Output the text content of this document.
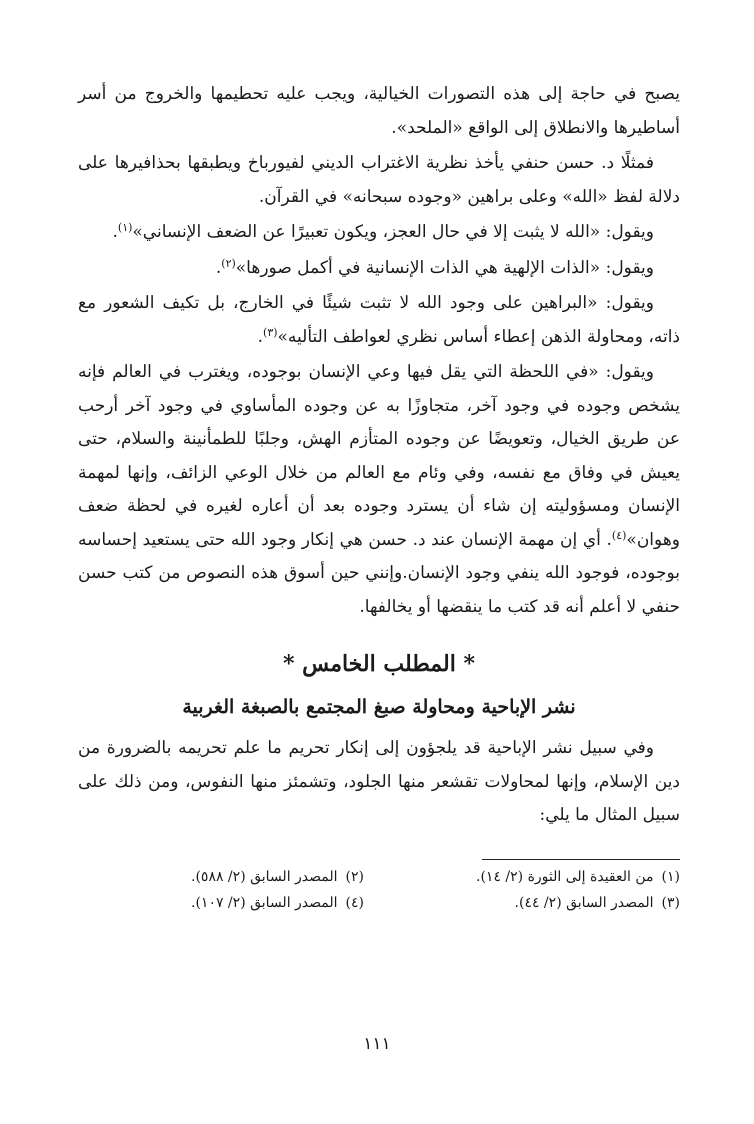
يصبح في حاجة إلى هذه التصورات الخيالية، ويجب عليه تحطيمها والخروج من أسر أساطيرها والانطلاق إلى الواقع «الملحد».

فمثلًا د. حسن حنفي يأخذ نظرية الاغتراب الديني لفيورباخ ويطبقها بحذافيرها على دلالة لفظ «الله» وعلى براهين «وجوده سبحانه» في القرآن.

ويقول: «الله لا يثبت إلا في حال العجز، ويكون تعبيرًا عن الضعف الإنساني»$^{(١)}$.

ويقول: «الذات الإلهية هي الذات الإنسانية في أكمل صورها»$^{(٢)}$.

ويقول: «البراهين على وجود الله لا تثبت شيئًا في الخارج، بل تكيف الشعور مع ذاته، ومحاولة الذهن إعطاء أساس نظري لعواطف التأليه»$^{(٣)}$.

ويقول: «في اللحظة التي يقل فيها وعي الإنسان بوجوده، ويغترب في العالم فإنه يشخص وجوده في وجود آخر، متجاوزًا به عن وجوده المأساوي في وجود آخر أرحب عن طريق الخيال، وتعويضًا عن وجوده المتأزم الهش، وجلبًا للطمأنينة والسلام، حتى يعيش في وفاق مع نفسه، وفي وئام مع العالم من خلال الوعي الزائف، وإنها لمهمة الإنسان ومسؤوليته إن شاء أن يسترد وجوده بعد أن أعاره لغيره في لحظة ضعف وهوان»$^{(٤)}$. أي إن مهمة الإنسان عند د. حسن هي إنكار وجود الله حتى يستعيد إحساسه بوجوده، فوجود الله ينفي وجود الإنسان.وإنني حين أسوق هذه النصوص من كتب حسن حنفي لا أعلم أنه قد كتب ما ينقضها أو يخالفها.

* المطلب الخامس *
نشر الإباحية ومحاولة صبغ المجتمع بالصبغة الغربية

وفي سبيل نشر الإباحية قد يلجؤون إلى إنكار تحريم ما علم تحريمه بالضرورة من دين الإسلام، وإنها لمحاولات تقشعر منها الجلود، وتشمئز منها النفوس، ومن ذلك على سبيل المثال ما يلي:

(١)من العقيدة إلى الثورة (٢/ ١٤).
(٢)المصدر السابق (٢/ ٥٨٨).
(٣)المصدر السابق (٢/ ٤٤).
(٤)المصدر السابق (٢/ ١٠٧).
١١١
